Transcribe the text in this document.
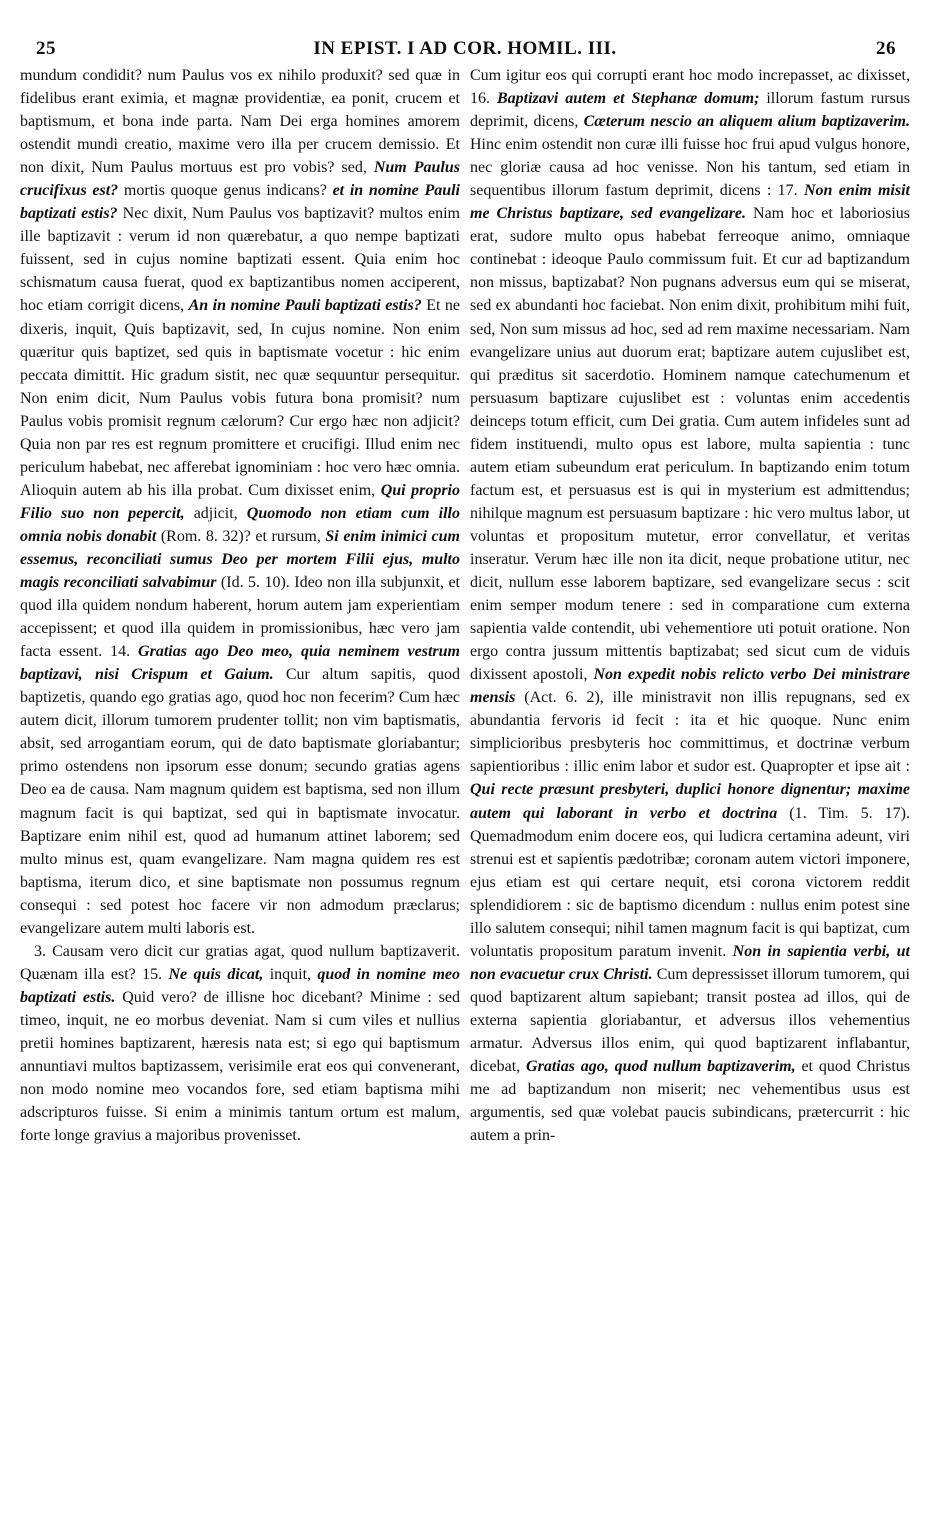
25	IN EPIST. I AD COR. HOMIL. III.	26

mundum condidit? num Paulus vos ex nihilo produxit? sed quæ in fidelibus erant eximia, et magnæ providentiæ, ea ponit, crucem et baptismum, et bona inde parta. Nam Dei erga homines amorem ostendit mundi creatio, maxime vero illa per crucem demissio. Et non dixit, Num Paulus mortuus est pro vobis? sed, Num Paulus crucifixus est? mortis quoque genus indicans? et in nomine Pauli baptizati estis? Nec dixit, Num Paulus vos baptizavit? multos enim ille baptizavit : verum id non quærebatur, a quo nempe baptizati fuissent, sed in cujus nomine baptizati essent. Quia enim hoc schismatum causa fuerat, quod ex baptizantibus nomen acciperent, hoc etiam corrigit dicens, An in nomine Pauli baptizati estis? Et ne dixeris, inquit, Quis baptizavit, sed, In cujus nomine. Non enim quæritur quis baptizet, sed quis in baptismate vocetur : hic enim peccata dimittit. Hic gradum sistit, nec quæ sequuntur persequitur. Non enim dicit, Num Paulus vobis futura bona promisit? num Paulus vobis promisit regnum cælorum? Cur ergo hæc non adjicit? Quia non par res est regnum promittere et crucifigi. Illud enim nec periculum habebat, nec afferebat ignominiam : hoc vero hæc omnia. Alioquin autem ab his illa probat. Cum dixisset enim, Qui proprio Filio suo non pepercit, adjicit, Quomodo non etiam cum illo omnia nobis donabit (Rom. 8. 32)? et rursum, Si enim inimici cum essemus, reconciliati sumus Deo per mortem Filii ejus, multo magis reconciliati salvabimur (Id. 5. 10). Ideo non illa subjunxit, et quod illa quidem nondum haberent, horum autem jam experientiam accepissent; et quod illa quidem in promissionibus, hæc vero jam facta essent. 14. Gratias ago Deo meo, quia neminem vestrum baptizavi, nisi Crispum et Gaium. Cur altum sapitis, quod baptizetis, quando ego gratias ago, quod hoc non fecerim? Cum hæc autem dicit, illorum tumorem prudenter tollit; non vim baptismatis, absit, sed arrogantiam eorum, qui de dato baptismate gloriabantur; primo ostendens non ipsorum esse donum; secundo gratias agens Deo ea de causa. Nam magnum quidem est baptisma, sed non illum magnum facit is qui baptizat, sed qui in baptismate invocatur. Baptizare enim nihil est, quod ad humanum attinet laborem; sed multo minus est, quam evangelizare. Nam magna quidem res est baptisma, iterum dico, et sine baptismate non possumus regnum consequi : sed potest hoc facere vir non admodum præclarus; evangelizare autem multi laboris est.

3. Causam vero dicit cur gratias agat, quod nullum baptizaverit. Quænam illa est? 15. Ne quis dicat, inquit, quod in nomine meo baptizati estis. Quid vero? de illisne hoc dicebant? Minime : sed timeo, inquit, ne eo morbus deveniat. Nam si cum viles et nullius pretii homines baptizarent, hæresis nata est; si ego qui baptismum annuntiavi multos baptizassem, verisimile erat eos qui convenerant, non modo nomine meo vocandos fore, sed etiam baptisma mihi adscripturos fuisse. Si enim a minimis tantum ortum est malum, forte longe gravius a majoribus provenisset.

Cum igitur eos qui corrupti erant hoc modo increpasset, ac dixisset, 16. Baptizavi autem et Stephanæ domum; illorum fastum rursus deprimit, dicens, Cæterum nescio an aliquem alium baptizaverim. Hinc enim ostendit non curæ illi fuisse hoc frui apud vulgus honore, nec gloriæ causa ad hoc venisse. Non his tantum, sed etiam in sequentibus illorum fastum deprimit, dicens : 17. Non enim misit me Christus baptizare, sed evangelizare. Nam hoc et laboriosius erat, sudore multo opus habebat ferreoque animo, omniaque continebat : ideoque Paulo commissum fuit. Et cur ad baptizandum non missus, baptizabat? Non pugnans adversus eum qui se miserat, sed ex abundanti hoc faciebat. Non enim dixit, prohibitum mihi fuit, sed, Non sum missus ad hoc, sed ad rem maxime necessariam. Nam evangelizare unius aut duorum erat; baptizare autem cujuslibet est, qui præditus sit sacerdotio. Hominem namque catechumenum et persuasum baptizare cujuslibet est : voluntas enim accedentis deinceps totum efficit, cum Dei gratia. Cum autem infideles sunt ad fidem instituendi, multo opus est labore, multa sapientia : tunc autem etiam subeundum erat periculum. In baptizando enim totum factum est, et persuasus est is qui in mysterium est admittendus; nihilque magnum est persuasum baptizare : hic vero multus labor, ut voluntas et propositum mutetur, error convellatur, et veritas inseratur. Verum hæc ille non ita dicit, neque probatione utitur, nec dicit, nullum esse laborem baptizare, sed evangelizare secus : scit enim semper modum tenere : sed in comparatione cum externa sapientia valde contendit, ubi vehementiore uti potuit oratione. Non ergo contra jussum mittentis baptizabat; sed sicut cum de viduis dixissent apostoli, Non expedit nobis relicto verbo Dei ministrare mensis (Act. 6. 2), ille ministravit non illis repugnans, sed ex abundantia fervoris id fecit : ita et hic quoque. Nunc enim simplicioribus presbyteris hoc committimus, et doctrinæ verbum sapientioribus : illic enim labor et sudor est. Quapropter et ipse ait : Qui recte præsunt presbyteri, duplici honore dignentur; maxime autem qui laborant in verbo et doctrina (1. Tim. 5. 17). Quemadmodum enim docere eos, qui ludicra certamina adeunt, viri strenui est et sapientis pædotribæ; coronam autem victori imponere, ejus etiam est qui certare nequit, etsi corona victorem reddit splendidiorem : sic de baptismo dicendum : nullus enim potest sine illo salutem consequi; nihil tamen magnum facit is qui baptizat, cum voluntatis propositum paratum invenit. Non in sapientia verbi, ut non evacuetur crux Christi. Cum depressisset illorum tumorem, qui quod baptizarent altum sapiebant; transit postea ad illos, qui de externa sapientia gloriabantur, et adversus illos vehementius armatur. Adversus illos enim, qui quod baptizarent inflabantur, dicebat, Gratias ago, quod nullum baptizaverim, et quod Christus me ad baptizandum non miserit; nec vehementibus usus est argumentis, sed quæ volebat paucis subindicans, prætercurrit : hic autem a prin-
